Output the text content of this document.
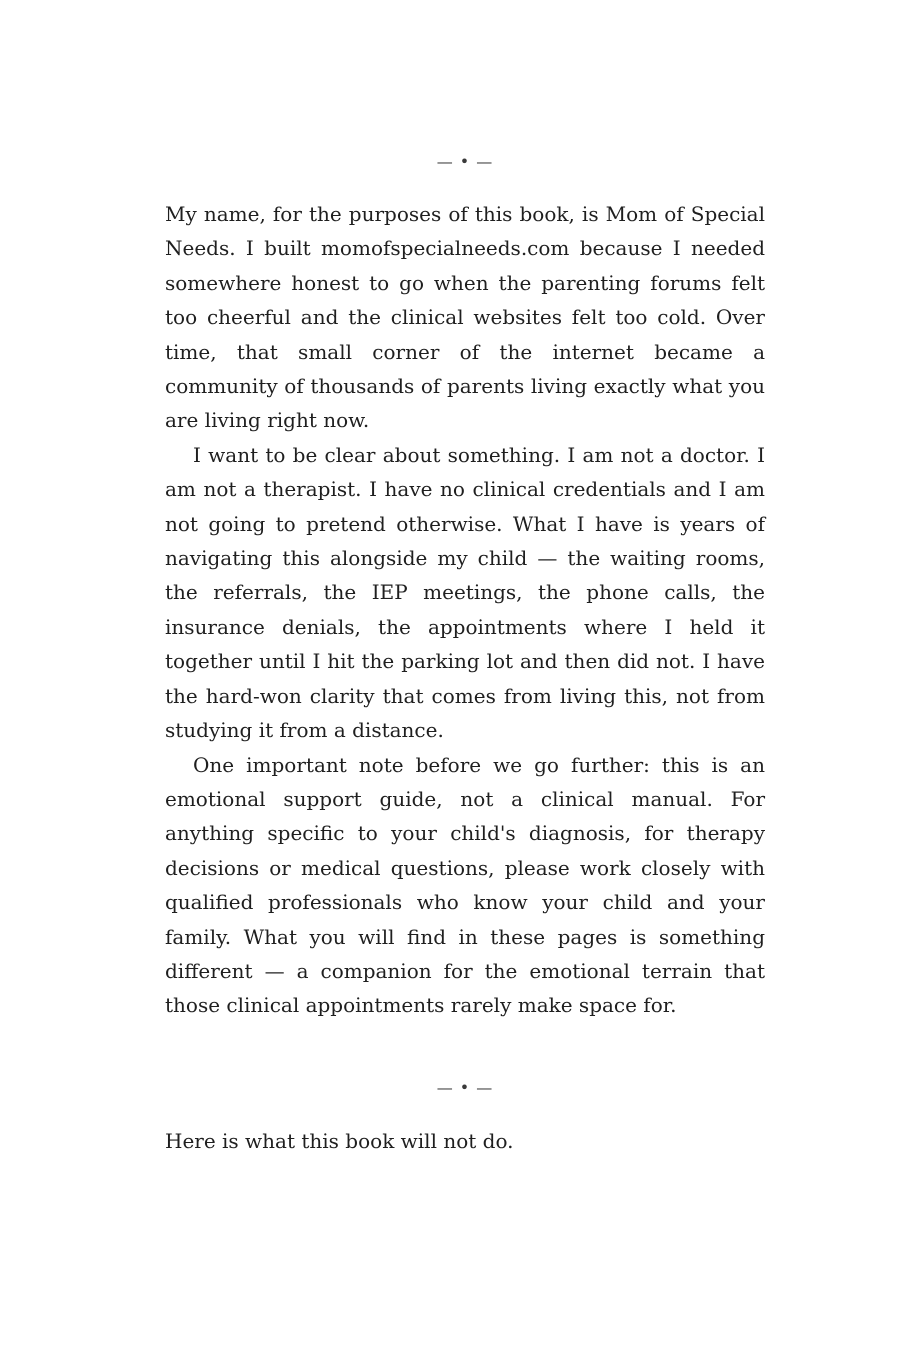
— • —

My name, for the purposes of this book, is Mom of Special Needs. I built momofspecialneeds.com because I needed somewhere honest to go when the parenting forums felt too cheerful and the clinical websites felt too cold. Over time, that small corner of the internet became a community of thousands of parents living exactly what you are living right now.

I want to be clear about something. I am not a doctor. I am not a therapist. I have no clinical credentials and I am not going to pretend otherwise. What I have is years of navigating this alongside my child — the waiting rooms, the referrals, the IEP meetings, the phone calls, the insurance denials, the appointments where I held it together until I hit the parking lot and then did not. I have the hard-won clarity that comes from living this, not from studying it from a distance.

One important note before we go further: this is an emotional support guide, not a clinical manual. For anything specific to your child's diagnosis, for therapy decisions or medical questions, please work closely with qualified professionals who know your child and your family. What you will find in these pages is something different — a companion for the emotional terrain that those clinical appointments rarely make space for.

— • —

Here is what this book will not do.
